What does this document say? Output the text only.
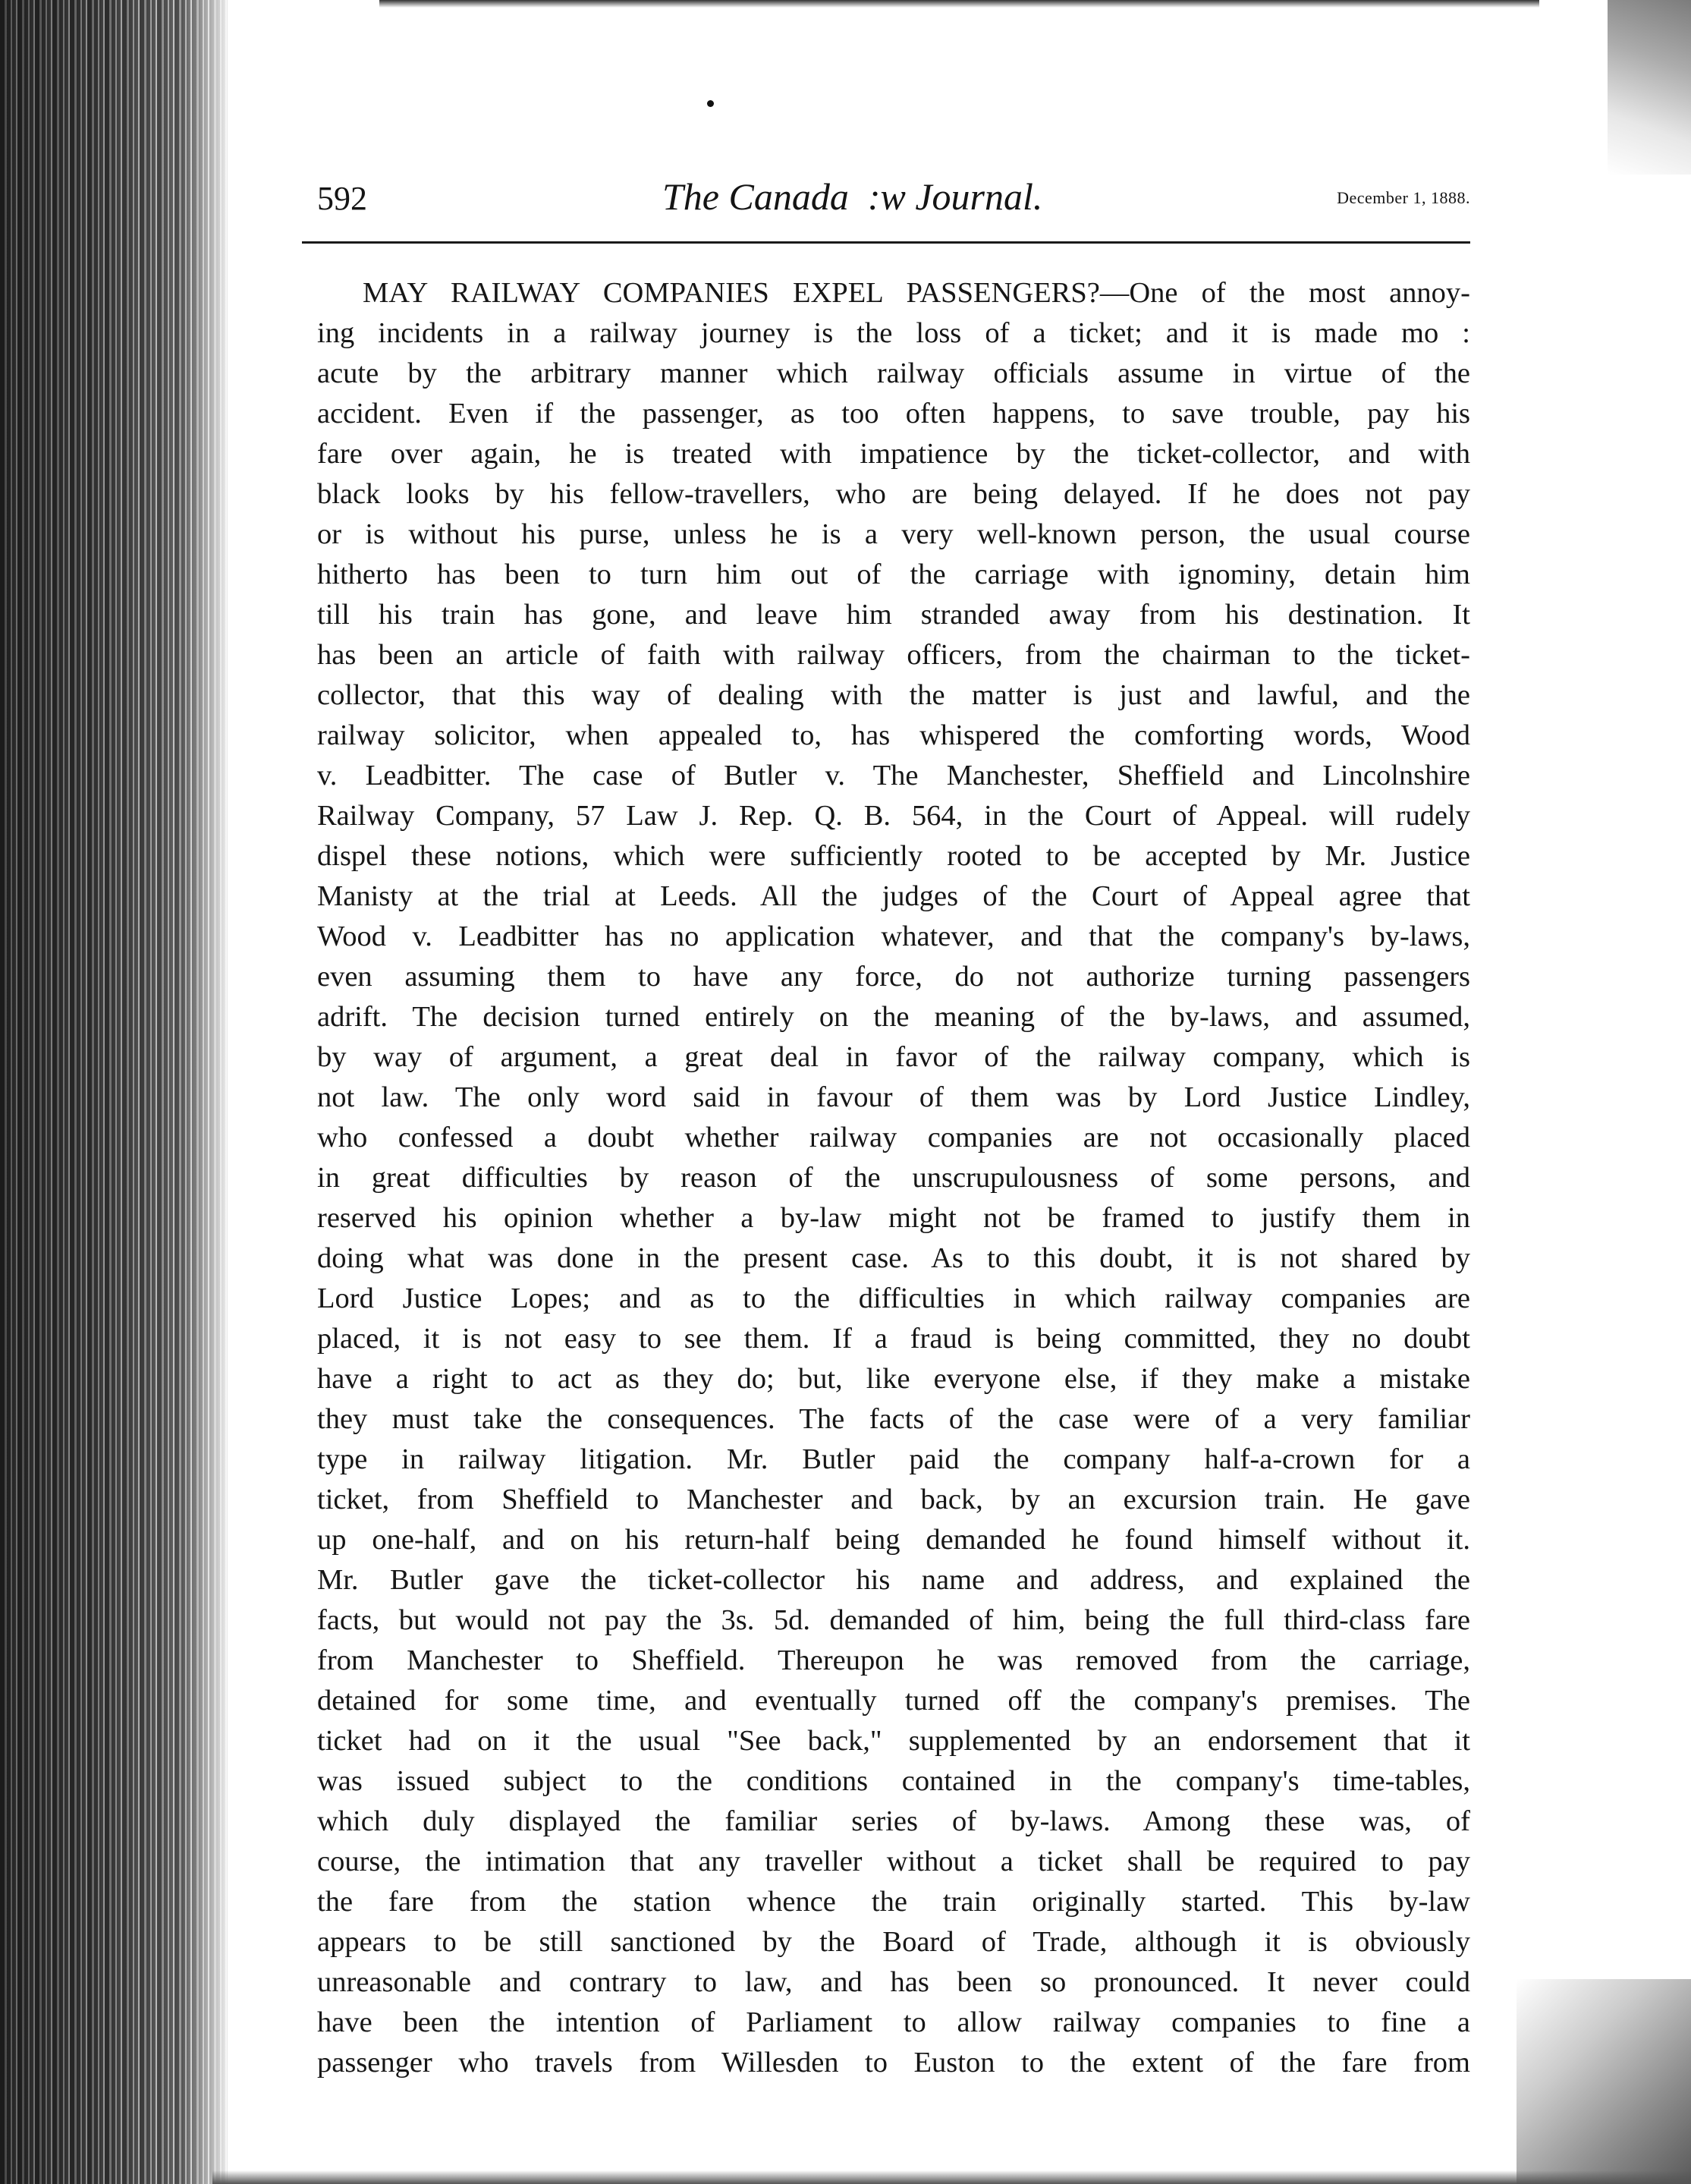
592	The Canada  :w Journal.	December 1, 1888.
MAY RAILWAY COMPANIES EXPEL PASSENGERS?—One of the most annoy-
ing incidents in a railway journey is the loss of a ticket; and it is made mo :
acute by the arbitrary manner which railway officials assume in virtue of the
accident. Even if the passenger, as too often happens, to save trouble, pay his
fare over again, he is treated with impatience by the ticket-collector, and with
black looks by his fellow-travellers, who are being delayed. If he does not pay
or is without his purse, unless he is a very well-known person, the usual course
hitherto has been to turn him out of the carriage with ignominy, detain him
till his train has gone, and leave him stranded away from his destination. It
has been an article of faith with railway officers, from the chairman to the ticket-
collector, that this way of dealing with the matter is just and lawful, and the
railway solicitor, when appealed to, has whispered the comforting words, Wood
v. Leadbitter. The case of Butler v. The Manchester, Sheffield and Lincolnshire
Railway Company, 57 Law J. Rep. Q. B. 564, in the Court of Appeal. will rudely
dispel these notions, which were sufficiently rooted to be accepted by Mr. Justice
Manisty at the trial at Leeds. All the judges of the Court of Appeal agree that
Wood v. Leadbitter has no application whatever, and that the company's by-laws,
even assuming them to have any force, do not authorize turning passengers
adrift. The decision turned entirely on the meaning of the by-laws, and assumed,
by way of argument, a great deal in favor of the railway company, which is
not law. The only word said in favour of them was by Lord Justice Lindley,
who confessed a doubt whether railway companies are not occasionally placed
in great difficulties by reason of the unscrupulousness of some persons, and
reserved his opinion whether a by-law might not be framed to justify them in
doing what was done in the present case. As to this doubt, it is not shared by
Lord Justice Lopes; and as to the difficulties in which railway companies are
placed, it is not easy to see them. If a fraud is being committed, they no doubt
have a right to act as they do; but, like everyone else, if they make a mistake
they must take the consequences. The facts of the case were of a very familiar
type in railway litigation. Mr. Butler paid the company half-a-crown for a
ticket, from Sheffield to Manchester and back, by an excursion train. He gave
up one-half, and on his return-half being demanded he found himself without it.
Mr. Butler gave the ticket-collector his name and address, and explained the
facts, but would not pay the 3s. 5d. demanded of him, being the full third-class fare
from Manchester to Sheffield. Thereupon he was removed from the carriage,
detained for some time, and eventually turned off the company's premises. The
ticket had on it the usual "See back," supplemented by an endorsement that it
was issued subject to the conditions contained in the company's time-tables,
which duly displayed the familiar series of by-laws. Among these was, of
course, the intimation that any traveller without a ticket shall be required to pay
the fare from the station whence the train originally started. This by-law
appears to be still sanctioned by the Board of Trade, although it is obviously
unreasonable and contrary to law, and has been so pronounced. It never could
have been the intention of Parliament to allow railway companies to fine a
passenger who travels from Willesden to Euston to the extent of the fare from
